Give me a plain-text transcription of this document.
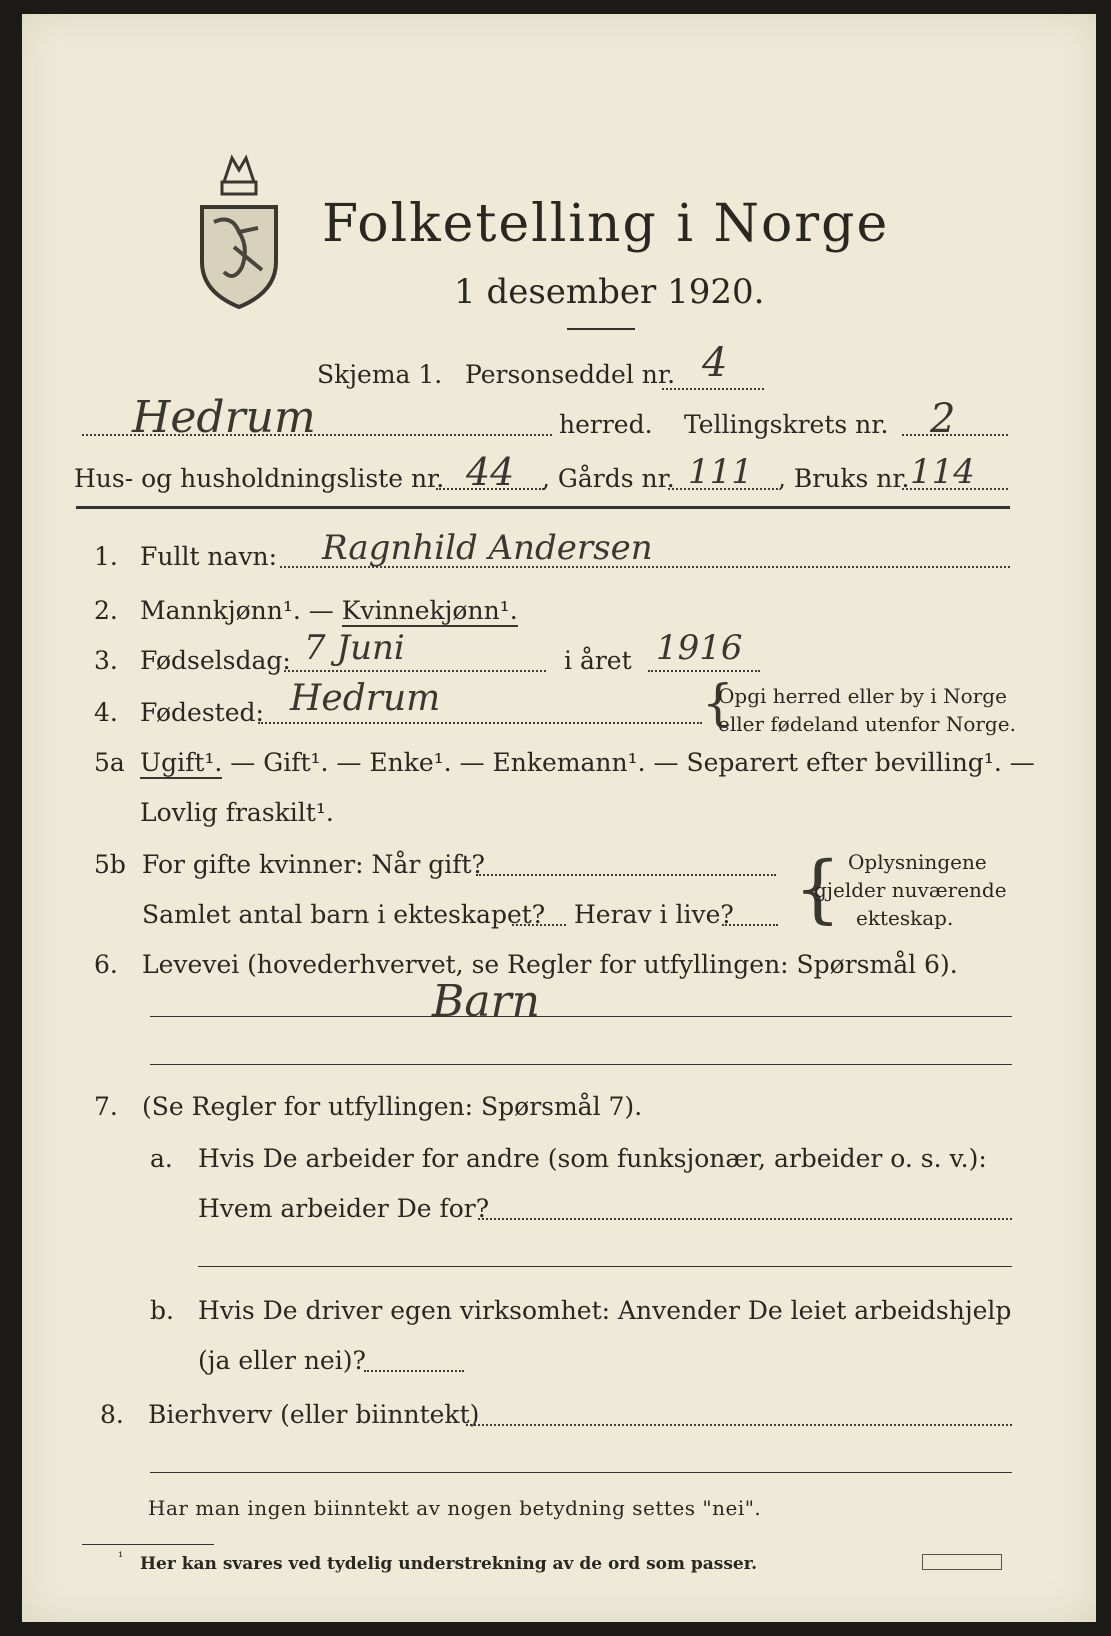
Folketelling i Norge
1 desember 1920.
Skjema 1. Personseddel nr. 4
Hedrum	herred. Tellingskrets nr. 2
Hus- og husholdningsliste nr. 44 , Gårds nr. 111 , Bruks nr. 114
1. Fullt navn: Ragnhild Andersen
2. Mannkjønn¹. — Kvinnekjønn¹.
3. Fødselsdag: 7 Juni	i året 1916
4. Fødested: Hedrum	{
Opgi herred eller by i Norge
eller fødeland utenfor Norge.
5a Ugift¹. — Gift¹. — Enke¹. — Enkemann¹. — Separert efter bevilling¹. —
Lovlig fraskilt¹.
5b For gifte kvinner: Når gift?
Samlet antal barn i ekteskapet? Herav i live? { Oplysningene
gjelder nuværende
ekteskap.
6. Levevei (hovederhvervet, se Regler for utfyllingen: Spørsmål 6).
Barn
7. (Se Regler for utfyllingen: Spørsmål 7).
a. Hvis De arbeider for andre (som funksjonær, arbeider o. s. v.):
Hvem arbeider De for?
b. Hvis De driver egen virksomhet: Anvender De leiet arbeidshjelp
(ja eller nei)?
8. Bierhverv (eller biinntekt)
Har man ingen biinntekt av nogen betydning settes "nei".
¹ Her kan svares ved tydelig understrekning av de ord som passer.
